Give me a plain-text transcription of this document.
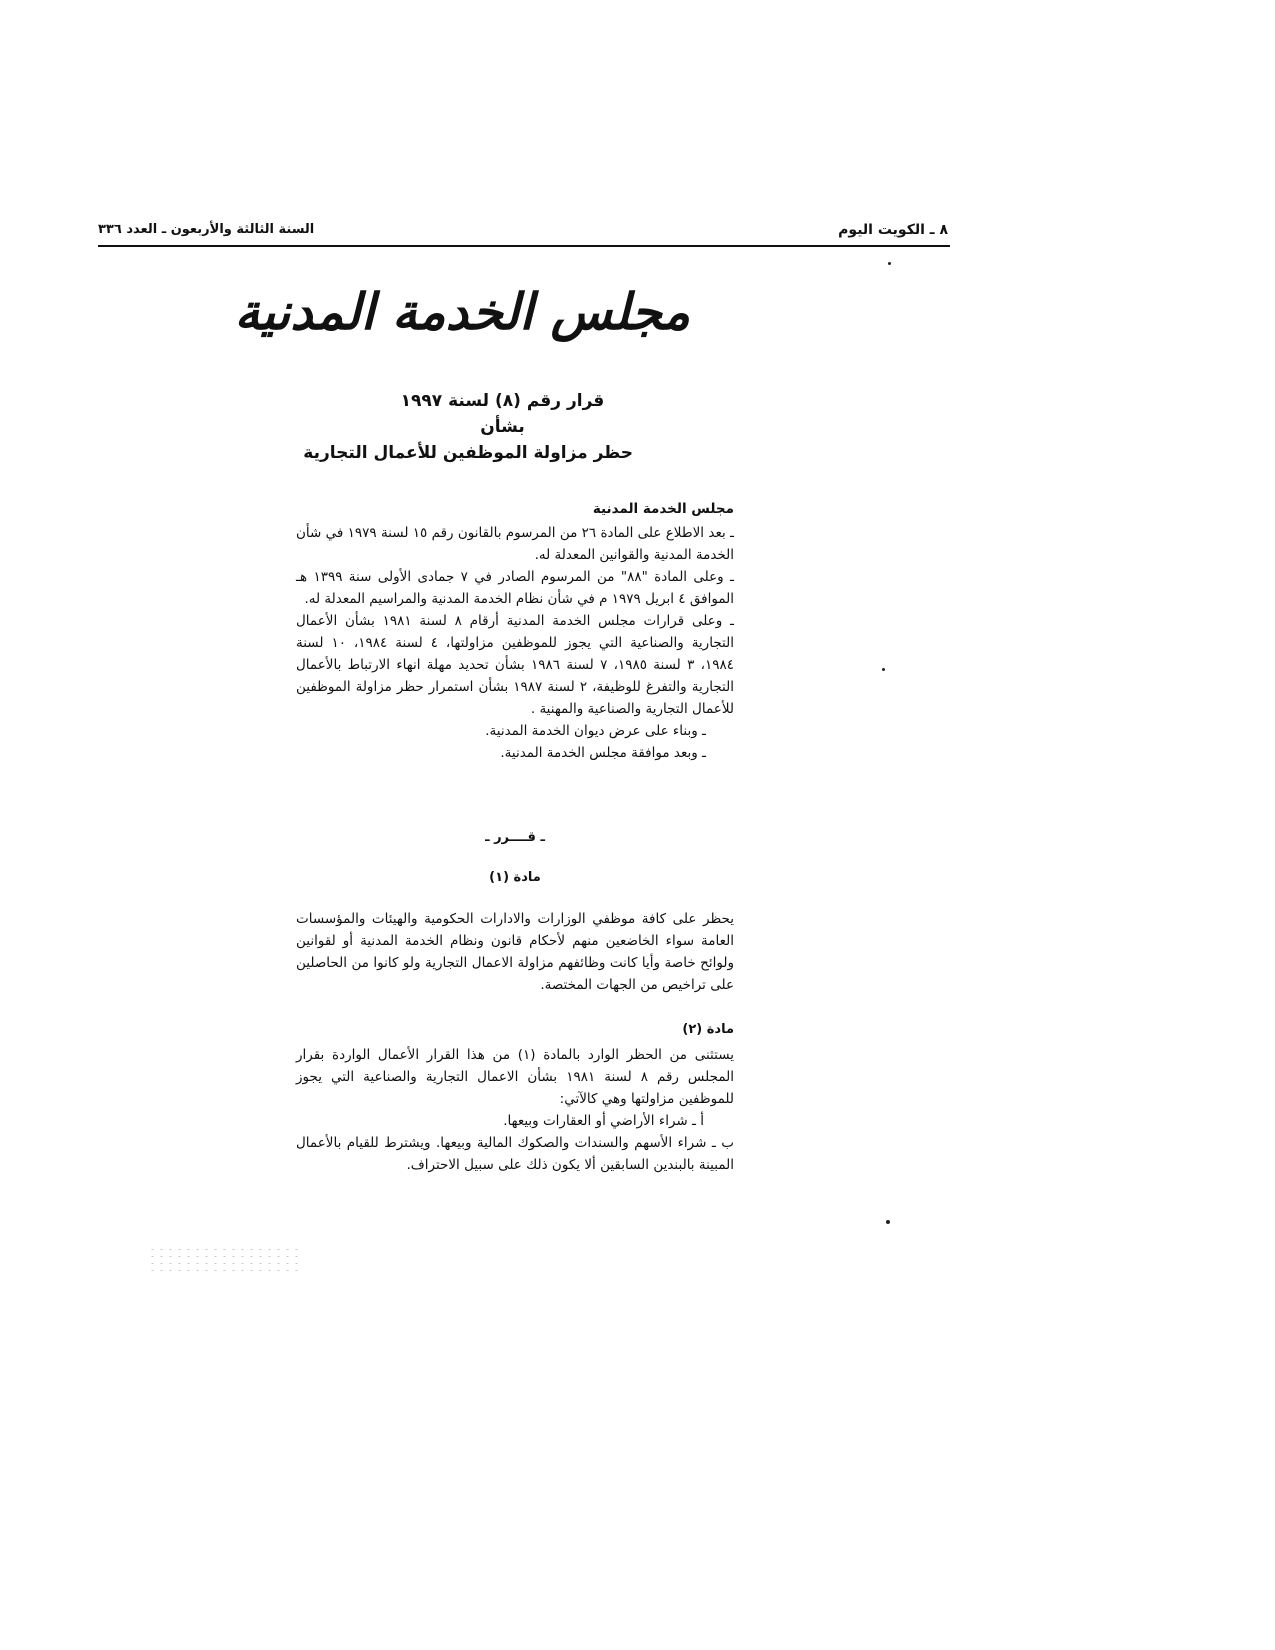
٨ ـ الكويت اليوم
السنة الثالثة والأربعون ـ العدد ٣٣٦
مجلس الخدمة المدنية
قرار رقم (٨) لسنة ١٩٩٧
بشأن
حظر مزاولة الموظفين للأعمال التجارية
مجلس الخدمة المدنية

ـ بعد الاطلاع على المادة ٢٦ من المرسوم بالقانون رقم ١٥ لسنة ١٩٧٩ في شأن الخدمة المدنية والقوانين المعدلة له.

ـ وعلى المادة "٨٨" من المرسوم الصادر في ٧ جمادى الأولى سنة ١٣٩٩ هـ الموافق ٤ ابريل ١٩٧٩ م في شأن نظام الخدمة المدنية والمراسيم المعدلة له.

ـ وعلى قرارات مجلس الخدمة المدنية أرقام ٨ لسنة ١٩٨١ بشأن الأعمال التجارية والصناعية التي يجوز للموظفين مزاولتها، ٤ لسنة ١٩٨٤، ١٠ لسنة ١٩٨٤، ٣ لسنة ١٩٨٥، ٧ لسنة ١٩٨٦ بشأن تحديد مهلة انهاء الارتباط بالأعمال التجارية والتفرغ للوظيفة، ٢ لسنة ١٩٨٧ بشأن استمرار حظر مزاولة الموظفين للأعمال التجارية والصناعية والمهنية .

ـ وبناء على عرض ديوان الخدمة المدنية.

ـ وبعد موافقة مجلس الخدمة المدنية.

ـ قــــرر ـ
مادة (١)
يحظر على كافة موظفي الوزارات والادارات الحكومية والهيئات والمؤسسات العامة سواء الخاضعين منهم لأحكام قانون ونظام الخدمة المدنية أو لقوانين ولوائح خاصة وأيا كانت وظائفهم مزاولة الاعمال التجارية ولو كانوا من الحاصلين على تراخيص من الجهات المختصة.
مادة (٢)

يستثنى من الحظر الوارد بالمادة (١) من هذا القرار الأعمال الواردة بقرار المجلس رقم ٨ لسنة ١٩٨١ بشأن الاعمال التجارية والصناعية التي يجوز للموظفين مزاولتها وهي كالآتي:

أ ـ شراء الأراضي أو العقارات وبيعها.

ب ـ شراء الأسهم والسندات والصكوك المالية وبيعها. ويشترط للقيام بالأعمال المبينة بالبندين السابقين ألا يكون ذلك على سبيل الاحتراف.
